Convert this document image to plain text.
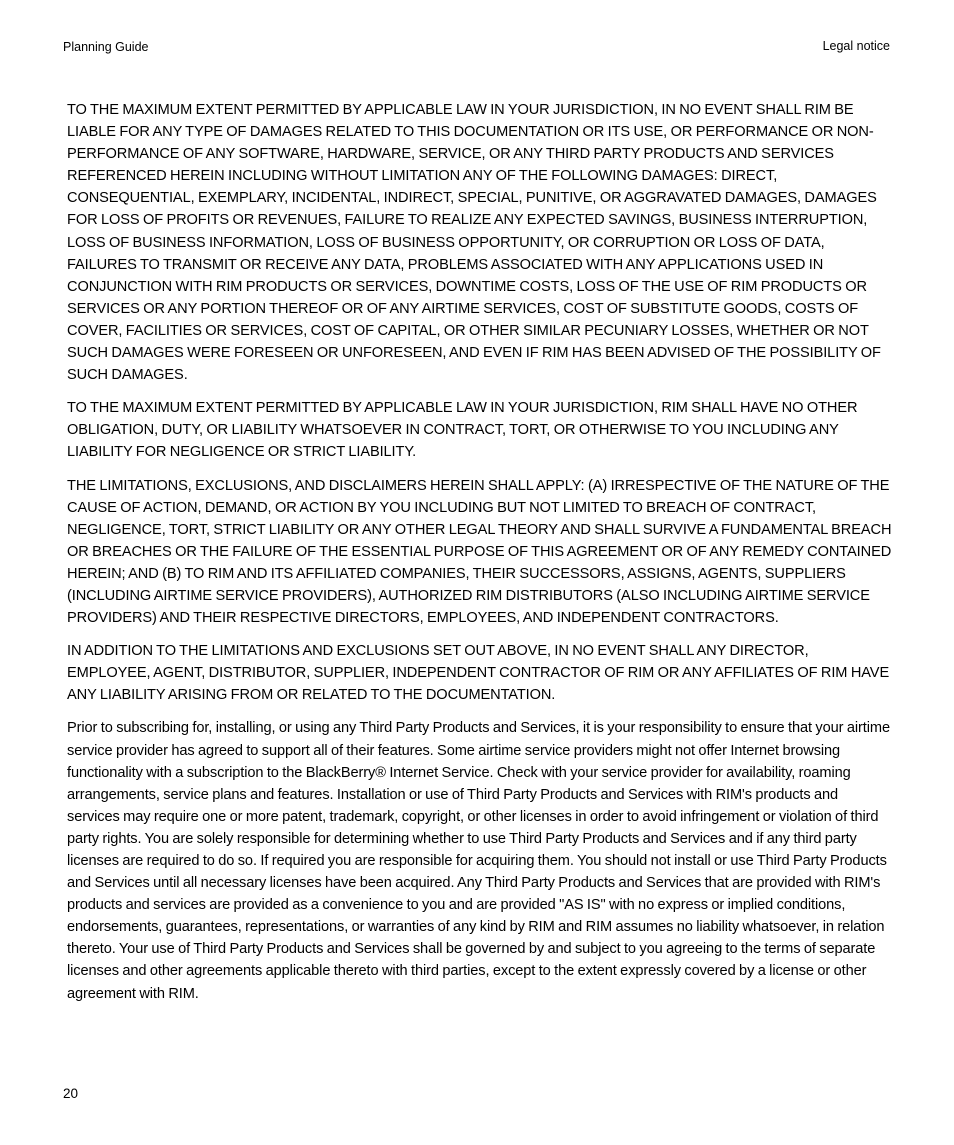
Planning Guide	Legal notice

TO THE MAXIMUM EXTENT PERMITTED BY APPLICABLE LAW IN YOUR JURISDICTION, IN NO EVENT SHALL RIM BE LIABLE FOR ANY TYPE OF DAMAGES RELATED TO THIS DOCUMENTATION OR ITS USE, OR PERFORMANCE OR NON-PERFORMANCE OF ANY SOFTWARE, HARDWARE, SERVICE, OR ANY THIRD PARTY PRODUCTS AND SERVICES REFERENCED HEREIN INCLUDING WITHOUT LIMITATION ANY OF THE FOLLOWING DAMAGES: DIRECT, CONSEQUENTIAL, EXEMPLARY, INCIDENTAL, INDIRECT, SPECIAL, PUNITIVE, OR AGGRAVATED DAMAGES, DAMAGES FOR LOSS OF PROFITS OR REVENUES, FAILURE TO REALIZE ANY EXPECTED SAVINGS, BUSINESS INTERRUPTION, LOSS OF BUSINESS INFORMATION, LOSS OF BUSINESS OPPORTUNITY, OR CORRUPTION OR LOSS OF DATA, FAILURES TO TRANSMIT OR RECEIVE ANY DATA, PROBLEMS ASSOCIATED WITH ANY APPLICATIONS USED IN CONJUNCTION WITH RIM PRODUCTS OR SERVICES, DOWNTIME COSTS, LOSS OF THE USE OF RIM PRODUCTS OR SERVICES OR ANY PORTION THEREOF OR OF ANY AIRTIME SERVICES, COST OF SUBSTITUTE GOODS, COSTS OF COVER, FACILITIES OR SERVICES, COST OF CAPITAL, OR OTHER SIMILAR PECUNIARY LOSSES, WHETHER OR NOT SUCH DAMAGES WERE FORESEEN OR UNFORESEEN, AND EVEN IF RIM HAS BEEN ADVISED OF THE POSSIBILITY OF SUCH DAMAGES.

TO THE MAXIMUM EXTENT PERMITTED BY APPLICABLE LAW IN YOUR JURISDICTION, RIM SHALL HAVE NO OTHER OBLIGATION, DUTY, OR LIABILITY WHATSOEVER IN CONTRACT, TORT, OR OTHERWISE TO YOU INCLUDING ANY LIABILITY FOR NEGLIGENCE OR STRICT LIABILITY.

THE LIMITATIONS, EXCLUSIONS, AND DISCLAIMERS HEREIN SHALL APPLY: (A) IRRESPECTIVE OF THE NATURE OF THE CAUSE OF ACTION, DEMAND, OR ACTION BY YOU INCLUDING BUT NOT LIMITED TO BREACH OF CONTRACT, NEGLIGENCE, TORT, STRICT LIABILITY OR ANY OTHER LEGAL THEORY AND SHALL SURVIVE A FUNDAMENTAL BREACH OR BREACHES OR THE FAILURE OF THE ESSENTIAL PURPOSE OF THIS AGREEMENT OR OF ANY REMEDY CONTAINED HEREIN; AND (B) TO RIM AND ITS AFFILIATED COMPANIES, THEIR SUCCESSORS, ASSIGNS, AGENTS, SUPPLIERS (INCLUDING AIRTIME SERVICE PROVIDERS), AUTHORIZED RIM DISTRIBUTORS (ALSO INCLUDING AIRTIME SERVICE PROVIDERS) AND THEIR RESPECTIVE DIRECTORS, EMPLOYEES, AND INDEPENDENT CONTRACTORS.

IN ADDITION TO THE LIMITATIONS AND EXCLUSIONS SET OUT ABOVE, IN NO EVENT SHALL ANY DIRECTOR, EMPLOYEE, AGENT, DISTRIBUTOR, SUPPLIER, INDEPENDENT CONTRACTOR OF RIM OR ANY AFFILIATES OF RIM HAVE ANY LIABILITY ARISING FROM OR RELATED TO THE DOCUMENTATION.

Prior to subscribing for, installing, or using any Third Party Products and Services, it is your responsibility to ensure that your airtime service provider has agreed to support all of their features. Some airtime service providers might not offer Internet browsing functionality with a subscription to the BlackBerry® Internet Service. Check with your service provider for availability, roaming arrangements, service plans and features. Installation or use of Third Party Products and Services with RIM's products and services may require one or more patent, trademark, copyright, or other licenses in order to avoid infringement or violation of third party rights. You are solely responsible for determining whether to use Third Party Products and Services and if any third party licenses are required to do so. If required you are responsible for acquiring them. You should not install or use Third Party Products and Services until all necessary licenses have been acquired. Any Third Party Products and Services that are provided with RIM's products and services are provided as a convenience to you and are provided "AS IS" with no express or implied conditions, endorsements, guarantees, representations, or warranties of any kind by RIM and RIM assumes no liability whatsoever, in relation thereto. Your use of Third Party Products and Services shall be governed by and subject to you agreeing to the terms of separate licenses and other agreements applicable thereto with third parties, except to the extent expressly covered by a license or other agreement with RIM.

20
